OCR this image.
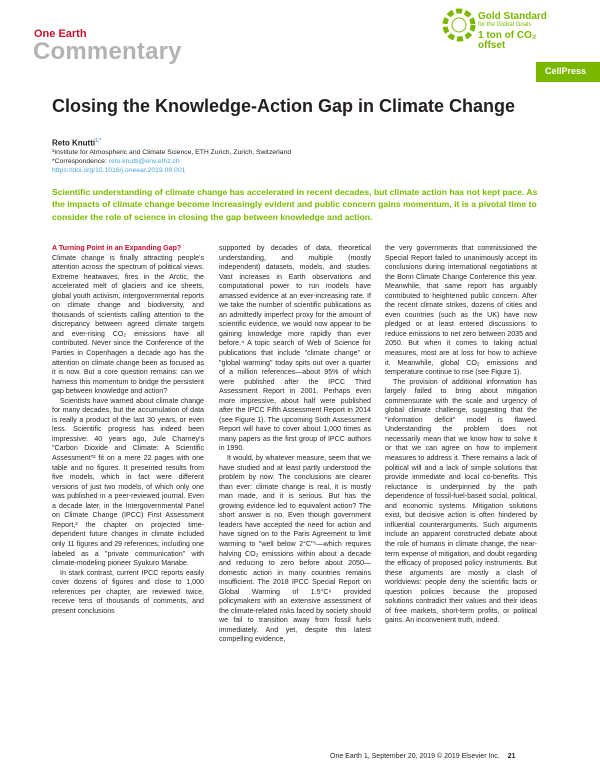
One Earth
Commentary
Gold Standard
for the Global Goals
1 ton of CO₂ offset
CellPress
Closing the Knowledge-Action Gap in Climate Change
Reto Knutti$^{1,*}$
¹Institute for Atmospheric and Climate Science, ETH Zurich, Zurich, Switzerland
*Correspondence: reto.knutti@env.ethz.ch
https://doi.org/10.1016/j.oneear.2019.09.001
Scientific understanding of climate change has accelerated in recent decades, but climate action has not kept pace. As the impacts of climate change become increasingly evident and public concern gains momentum, it is a pivotal time to consider the role of science in closing the gap between knowledge and action.

A Turning Point in an Expanding Gap?

Climate change is finally attracting people's attention across the spectrum of political views. Extreme heatwaves, fires in the Arctic, the accelerated melt of glaciers and ice sheets, global youth activism, intergovernmental reports on climate change and biodiversity, and thousands of scientists calling attention to the discrepancy between agreed climate targets and ever-rising CO₂ emissions have all contributed. Never since the Conference of the Parties in Copenhagen a decade ago has the attention on climate change been as focused as it is now. But a core question remains: can we harness this momentum to bridge the persistent gap between knowledge and action?

Scientists have warned about climate change for many decades, but the accumulation of data is really a product of the last 30 years, or even less. Scientific progress has indeed been impressive: 40 years ago, Jule Charney's "Carbon Dioxide and Climate: A Scientific Assessment"² fit on a mere 22 pages with one table and no figures. It presented results from five models, which in fact were different versions of just two models, of which only one was published in a peer-reviewed journal. Even a decade later, in the Intergovernmental Panel on Climate Change (IPCC) First Assessment Report,³ the chapter on projected time-dependent future changes in climate included only 11 figures and 29 references, including one labeled as a "private communication" with climate-modeling pioneer Syukuro Manabe.

In stark contrast, current IPCC reports easily cover dozens of figures and close to 1,000 references per chapter, are reviewed twice, receive tens of thousands of comments, and present conclusions

supported by decades of data, theoretical understanding, and multiple (mostly independent) datasets, models, and studies. Vast increases in Earth observations and computational power to run models have amassed evidence at an ever-increasing rate. If we take the number of scientific publications as an admittedly imperfect proxy for the amount of scientific evidence, we would now appear to be gaining knowledge more rapidly than ever before.⁴ A topic search of Web of Science for publications that include "climate change" or "global warming" today spits out over a quarter of a million references—about 95% of which were published after the IPCC Third Assessment Report in 2001. Perhaps even more impressive, about half were published after the IPCC Fifth Assessment Report in 2014 (see Figure 1). The upcoming Sixth Assessment Report will have to cover about 1,000 times as many papers as the first group of IPCC authors in 1990.

It would, by whatever measure, seem that we have studied and at least partly understood the problem by now. The conclusions are clearer than ever: climate change is real, it is mostly man made, and it is serious. But has the growing evidence led to equivalent action? The short answer is no. Even though government leaders have accepted the need for action and have signed on to the Paris Agreement to limit warming to "well below 2°C"⁵—which requires halving CO₂ emissions within about a decade and reducing to zero before about 2050—domestic action in many countries remains insufficient. The 2018 IPCC Special Report on Global Warming of 1.5°C⁶ provided policymakers with an extensive assessment of the climate-related risks faced by society should we fail to transition away from fossil fuels immediately. And yet, despite this latest compelling evidence,

the very governments that commissioned the Special Report failed to unanimously accept its conclusions during international negotiations at the Bonn Climate Change Conference this year. Meanwhile, that same report has arguably contributed to heightened public concern. After the recent climate strikes, dozens of cities and even countries (such as the UK) have now pledged or at least entered discussions to reduce emissions to net zero between 2035 and 2050. But when it comes to taking actual measures, most are at loss for how to achieve it. Meanwhile, global CO₂ emissions and temperature continue to rise (see Figure 1).

The provision of additional information has largely failed to bring about mitigation commensurate with the scale and urgency of global climate challenge, suggesting that the "information deficit" model is flawed. Understanding the problem does not necessarily mean that we know how to solve it or that we can agree on how to implement measures to address it. There remains a lack of political will and a lack of simple solutions that provide immediate and local co-benefits. This reluctance is underpinned by the path dependence of fossil-fuel-based social, political, and economic systems. Mitigation solutions exist, but decisive action is often hindered by influential counterarguments. Such arguments include an apparent constructed debate about the role of humans in climate change, the near-term expense of mitigation, and doubt regarding the efficacy of proposed policy instruments. But these arguments are mostly a clash of worldviews: people deny the scientific facts or question policies because the proposed solutions contradict their values and their ideas of free markets, short-term profits, or political gains. An inconvenient truth, indeed.

One Earth 1, September 20, 2019 © 2019 Elsevier Inc. 21
